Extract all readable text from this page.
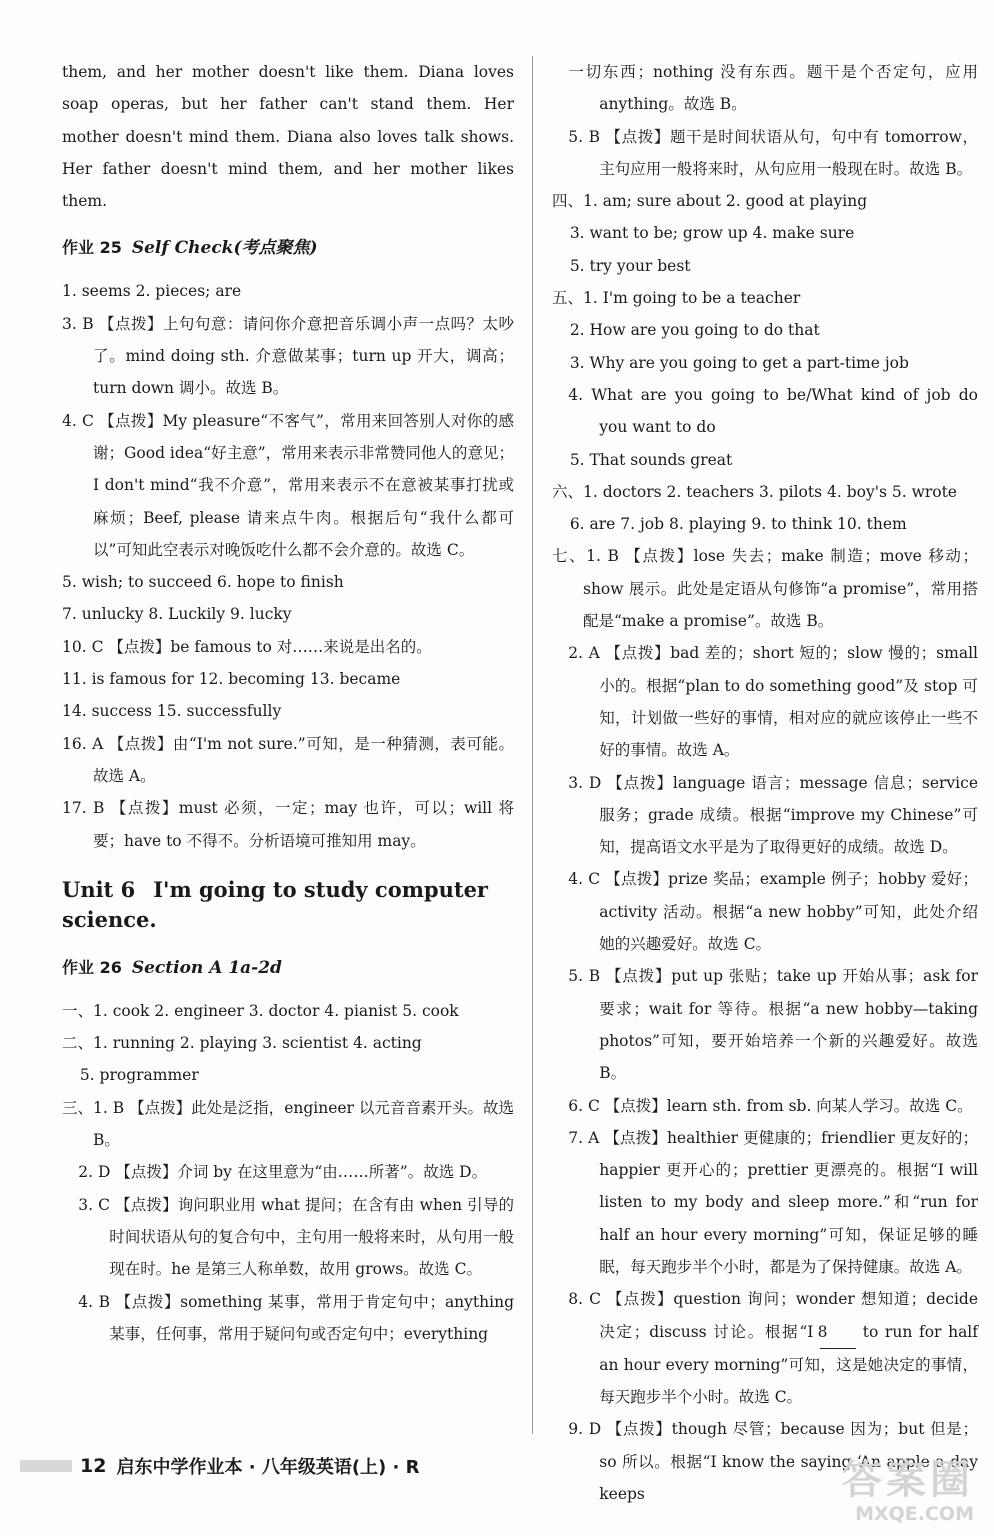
them, and her mother doesn't like them. Diana loves soap operas, but her father can't stand them. Her mother doesn't mind them. Diana also loves talk shows. Her father doesn't mind them, and her mother likes them.

作业 25 Self Check(考点聚焦)

1. seems 2. pieces; are

3. B 【点拨】上句句意：请问你介意把音乐调小声一点吗？太吵了。mind doing sth. 介意做某事；turn up 开大，调高；turn down 调小。故选 B。

4. C 【点拨】My pleasure“不客气”，常用来回答别人对你的感谢；Good idea“好主意”，常用来表示非常赞同他人的意见；I don't mind“我不介意”，常用来表示不在意被某事打扰或麻烦；Beef, please 请来点牛肉。根据后句“我什么都可以”可知此空表示对晚饭吃什么都不会介意的。故选 C。

5. wish; to succeed 6. hope to finish

7. unlucky 8. Luckily 9. lucky

10. C 【点拨】be famous to 对……来说是出名的。

11. is famous for 12. becoming 13. became

14. success 15. successfully

16. A 【点拨】由“I'm not sure.”可知，是一种猜测，表可能。故选 A。

17. B 【点拨】must 必须，一定；may 也许，可以；will 将要；have to 不得不。分析语境可推知用 may。

Unit 6 I'm going to study computer science.
作业 26 Section A 1a-2d

一、1. cook 2. engineer 3. doctor 4. pianist 5. cook

二、1. running 2. playing 3. scientist 4. acting

5. programmer

三、1. B 【点拨】此处是泛指，engineer 以元音音素开头。故选 B。

2. D 【点拨】介词 by 在这里意为“由……所著”。故选 D。

3. C 【点拨】询问职业用 what 提问；在含有由 when 引导的时间状语从句的复合句中，主句用一般将来时，从句用一般现在时。he 是第三人称单数，故用 grows。故选 C。

4. B 【点拨】something 某事，常用于肯定句中；anything 某事，任何事，常用于疑问句或否定句中；everything

一切东西；nothing 没有东西。题干是个否定句，应用 anything。故选 B。

5. B 【点拨】题干是时间状语从句，句中有 tomorrow，主句应用一般将来时，从句应用一般现在时。故选 B。

四、1. am; sure about 2. good at playing

3. want to be; grow up 4. make sure

5. try your best

五、1. I'm going to be a teacher

2. How are you going to do that

3. Why are you going to get a part-time job

4. What are you going to be/What kind of job do you want to do

5. That sounds great

六、1. doctors 2. teachers 3. pilots 4. boy's 5. wrote

6. are 7. job 8. playing 9. to think 10. them

七、1. B 【点拨】lose 失去；make 制造；move 移动；show 展示。此处是定语从句修饰“a promise”，常用搭配是“make a promise”。故选 B。

2. A 【点拨】bad 差的；short 短的；slow 慢的；small 小的。根据“plan to do something good”及 stop 可知，计划做一些好的事情，相对应的就应该停止一些不好的事情。故选 A。

3. D 【点拨】language 语言；message 信息；service 服务；grade 成绩。根据“improve my Chinese”可知，提高语文水平是为了取得更好的成绩。故选 D。

4. C 【点拨】prize 奖品；example 例子；hobby 爱好；activity 活动。根据“a new hobby”可知，此处介绍她的兴趣爱好。故选 C。

5. B 【点拨】put up 张贴；take up 开始从事；ask for 要求；wait for 等待。根据“a new hobby—taking photos”可知，要开始培养一个新的兴趣爱好。故选 B。

6. C 【点拨】learn sth. from sb. 向某人学习。故选 C。

7. A 【点拨】healthier 更健康的；friendlier 更友好的；happier 更开心的；prettier 更漂亮的。根据“I will listen to my body and sleep more.”和“run for half an hour every morning”可知，保证足够的睡眠，每天跑步半个小时，都是为了保持健康。故选 A。

8. C 【点拨】question 询问；wonder 想知道；decide 决定；discuss 讨论。根据“I 8 to run for half an hour every morning”可知，这是她决定的事情，每天跑步半个小时。故选 C。

9. D 【点拨】though 尽管；because 因为；but 但是；so 所以。根据“I know the saying ‘An apple a day keeps

12 启东中学作业本 · 八年级英语(上) · R	答案圈
MXQE.COM
